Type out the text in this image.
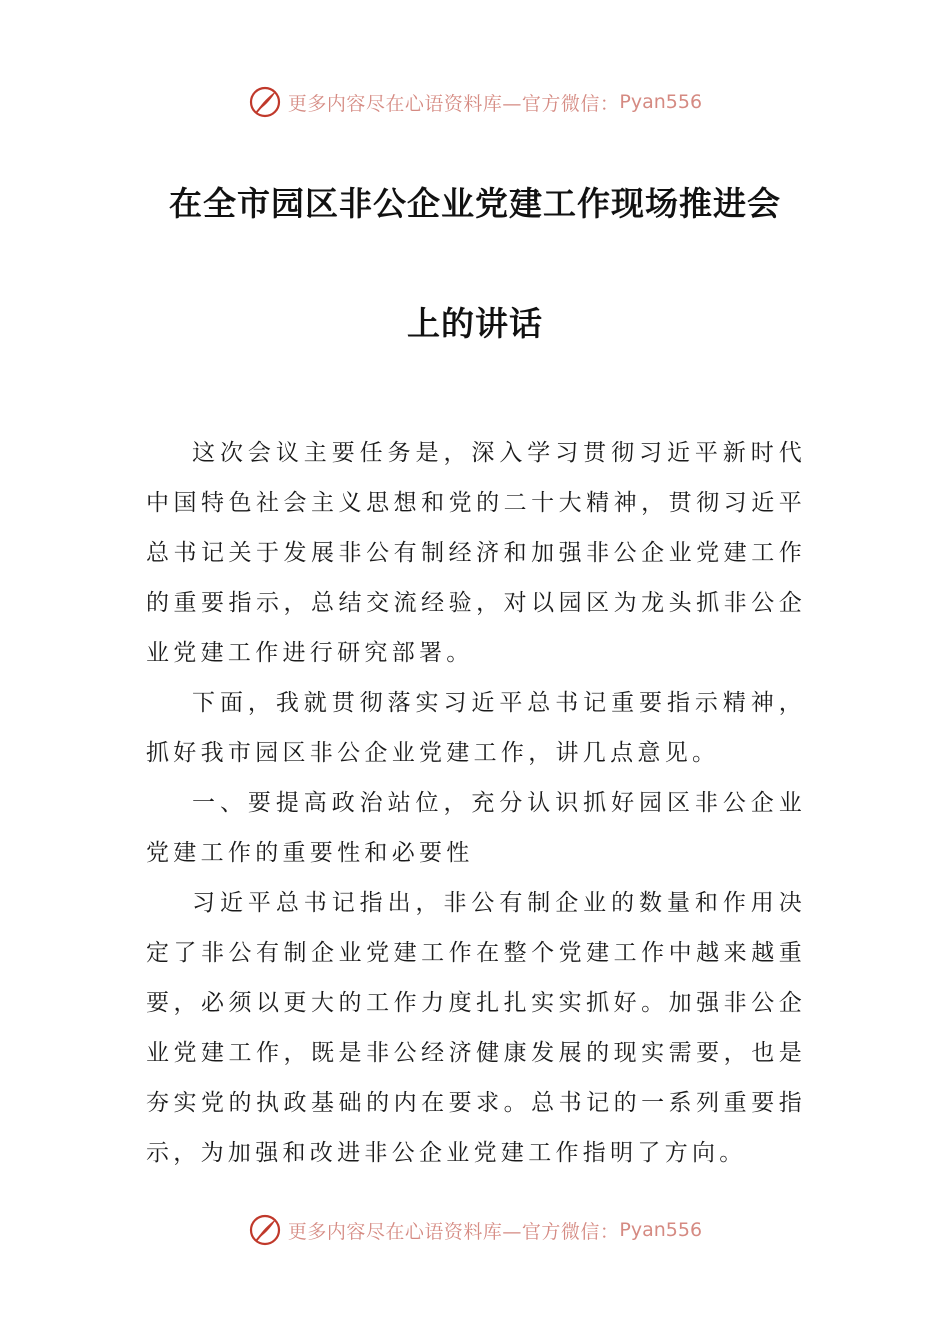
更多内容尽在心语资料库—官方微信： Pyan556
在全市园区非公企业党建工作现场推进会
上的讲话

这次会议主要任务是，深入学习贯彻习近平新时代中国特色社会主义思想和党的二十大精神，贯彻习近平总书记关于发展非公有制经济和加强非公企业党建工作的重要指示，总结交流经验，对以园区为龙头抓非公企业党建工作进行研究部署。

下面，我就贯彻落实习近平总书记重要指示精神，抓好我市园区非公企业党建工作，讲几点意见。

一、要提高政治站位，充分认识抓好园区非公企业党建工作的重要性和必要性

习近平总书记指出，非公有制企业的数量和作用决定了非公有制企业党建工作在整个党建工作中越来越重要，必须以更大的工作力度扎扎实实抓好。加强非公企业党建工作，既是非公经济健康发展的现实需要，也是夯实党的执政基础的内在要求。总书记的一系列重要指示，为加强和改进非公企业党建工作指明了方向。

更多内容尽在心语资料库—官方微信： Pyan556
